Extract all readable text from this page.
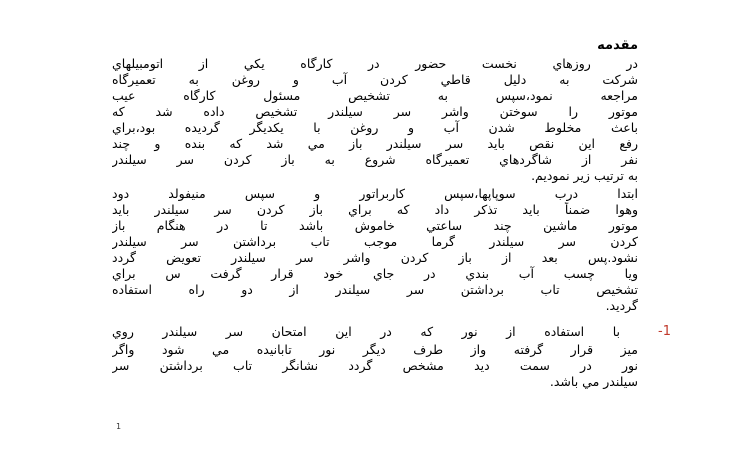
مقدمه
در روزهاي نخست حضور در كارگاه يكي از اتومبيلهاي
شركت به دليل قاطي كردن آب و روغن به تعميرگاه
مراجعه نمود،سپس به تشخيص مسئول كارگاه عيب
موتور را سوختن واشر سر سيلندر تشخيص داده شد كه
باعث مخلوط شدن آب و روغن با يكديگر گرديده بود،براي
رفع اين نقص بايد سر سيلندر باز مي شد كه بنده و چند
نفر از شاگردهاي تعميرگاه شروع به باز كردن سر سيلندر
به ترتيب زير نموديم.
ابتدا درب سوپاپها،سپس كاربراتور و سپس منيفولد دود
وهوا ضمناً بايد تذكر داد كه براي باز كردن سر سيلندر بايد
موتور ماشين چند ساعتي خاموش باشد تا در هنگام باز
كردن سر سيلندر گرما موجب تاب برداشتن سر سيلندر
نشود.پس بعد از باز كردن واشر سر سيلندر تعويض گردد
ويا چسب آب بندي در جاي خود قرار گرفت س براي
تشخيص تاب برداشتن سر سيلندر از دو راه استفاده
گرديد.
-1
با استفاده از نور كه در اين امتحان سر سيلندر روي
ميز قرار گرفته واز طرف ديگر نور تابانيده مي شود واگر
نور در سمت ديد مشخص گردد نشانگر تاب برداشتن سر
سيلندر مي باشد.
1
